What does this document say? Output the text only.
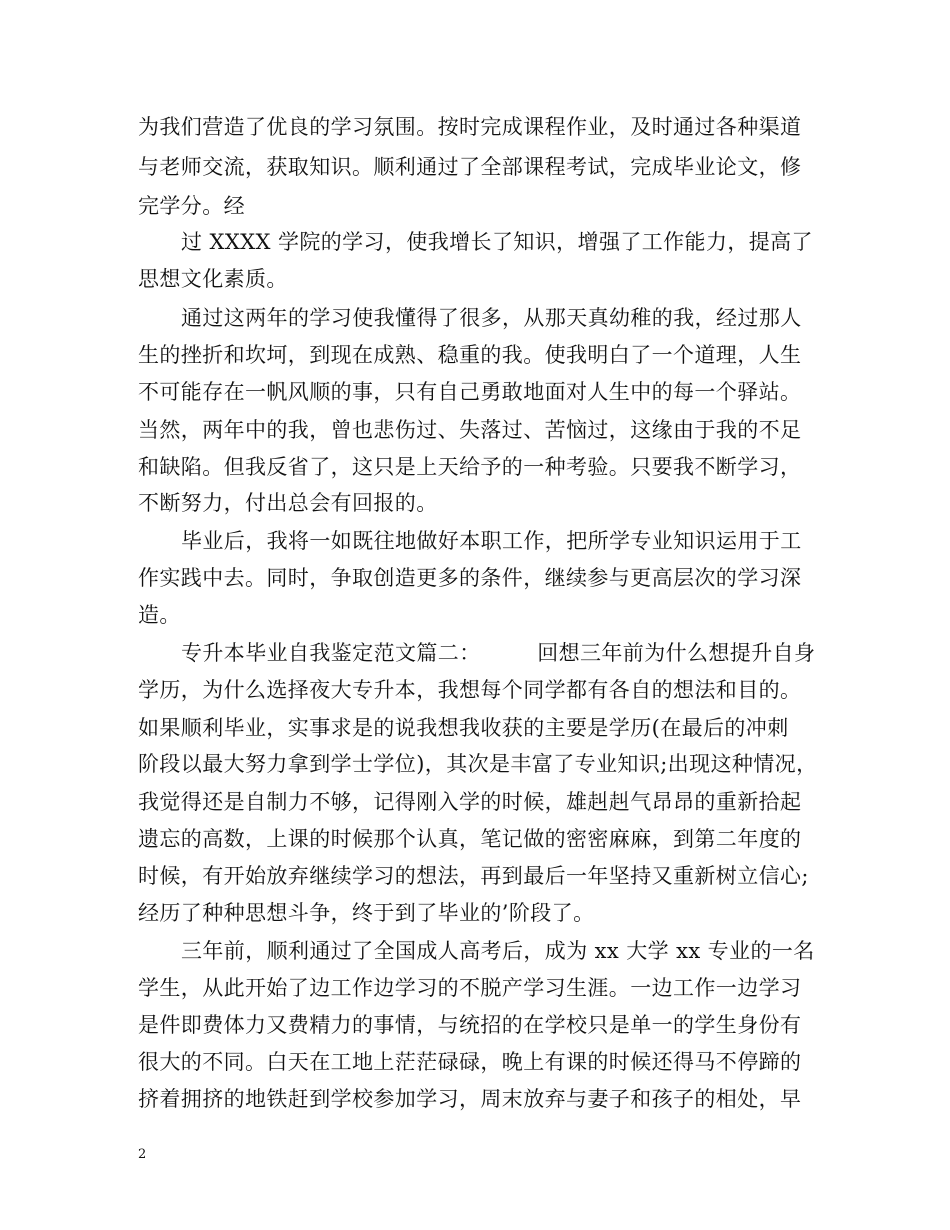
为我们营造了优良的学习氛围。按时完成课程作业，及时通过各种渠道
与老师交流，获取知识。顺利通过了全部课程考试，完成毕业论文，修
完学分。经
过 XXXX 学院的学习，使我增长了知识，增强了工作能力，提高了
思想文化素质。
通过这两年的学习使我懂得了很多，从那天真幼稚的我，经过那人
生的挫折和坎坷，到现在成熟、稳重的我。使我明白了一个道理，人生
不可能存在一帆风顺的事，只有自己勇敢地面对人生中的每一个驿站。
当然，两年中的我，曾也悲伤过、失落过、苦恼过，这缘由于我的不足
和缺陷。但我反省了，这只是上天给予的一种考验。只要我不断学习，
不断努力，付出总会有回报的。
毕业后，我将一如既往地做好本职工作，把所学专业知识运用于工
作实践中去。同时，争取创造更多的条件，继续参与更高层次的学习深
造。
专升本毕业自我鉴定范文篇二：        回想三年前为什么想提升自身
学历，为什么选择夜大专升本，我想每个同学都有各自的想法和目的。
如果顺利毕业，实事求是的说我想我收获的主要是学历(在最后的冲刺
阶段以最大努力拿到学士学位)，其次是丰富了专业知识;出现这种情况，
我觉得还是自制力不够，记得刚入学的时候，雄赳赳气昂昂的重新拾起
遗忘的高数，上课的时候那个认真，笔记做的密密麻麻，到第二年度的
时候，有开始放弃继续学习的想法，再到最后一年坚持又重新树立信心;
经历了种种思想斗争，终于到了毕业的’阶段了。
三年前，顺利通过了全国成人高考后，成为 xx 大学 xx 专业的一名
学生，从此开始了边工作边学习的不脱产学习生涯。一边工作一边学习
是件即费体力又费精力的事情，与统招的在学校只是单一的学生身份有
很大的不同。白天在工地上茫茫碌碌，晚上有课的时候还得马不停蹄的
挤着拥挤的地铁赶到学校参加学习，周末放弃与妻子和孩子的相处，早
2
